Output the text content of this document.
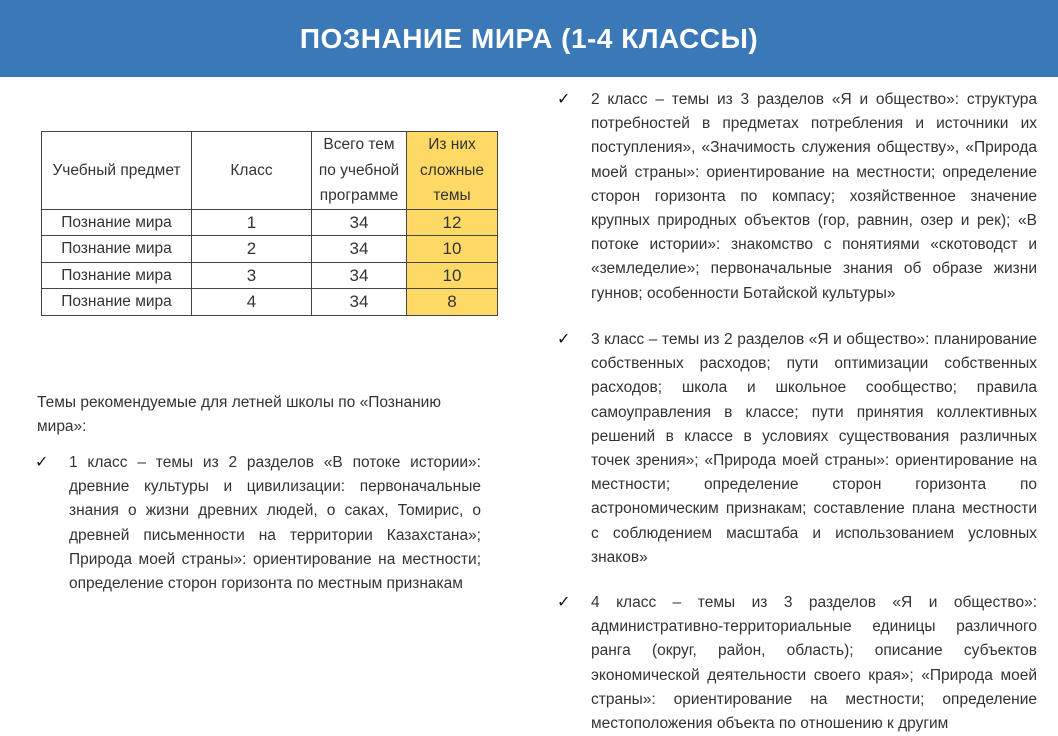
ПОЗНАНИЕ МИРА (1-4 КЛАССЫ)
Учебный предмет	Класс	Всего тем по учебной программе	Из них сложные темы
Познание мира	1	34	12
Познание мира	2	34	10
Познание мира	3	34	10
Познание мира	4	34	8
Темы рекомендуемые для летней школы по «Познанию мира»:
✓	1 класс – темы из 2 разделов «В потоке истории»: древние культуры и цивилизации: первоначальные знания о жизни древних людей, о саках, Томирис, о древней письменности на территории Казахстана»; Природа моей страны»: ориентирование на местности; определение сторон горизонта по местным признакам
✓	2 класс – темы из 3 разделов «Я и общество»: структура потребностей в предметах потребления и источники их поступления», «Значимость служения обществу», «Природа моей страны»: ориентирование на местности; определение сторон горизонта по компасу; хозяйственное значение крупных природных объектов (гор, равнин, озер и рек); «В потоке истории»: знакомство с понятиями «скотоводст и «земледелие»; первоначальные знания об образе жизни гуннов; особенности Ботайской культуры»
✓	3 класс – темы из 2 разделов «Я и общество»: планирование собственных расходов; пути оптимизации собственных расходов; школа и школьное сообщество; правила самоуправления в классе; пути принятия коллективных решений в классе в условиях существования различных точек зрения»; «Природа моей страны»: ориентирование на местности; определение сторон горизонта по астрономическим признакам; составление плана местности с соблюдением масштаба и использованием условных знаков»
✓	4 класс – темы из 3 разделов «Я и общество»: административно-территориальные единицы различного ранга (округ, район, область); описание субъектов экономической деятельности своего края»; «Природа моей страны»: ориентирование на местности; определение местоположения объекта по отношению к другим
